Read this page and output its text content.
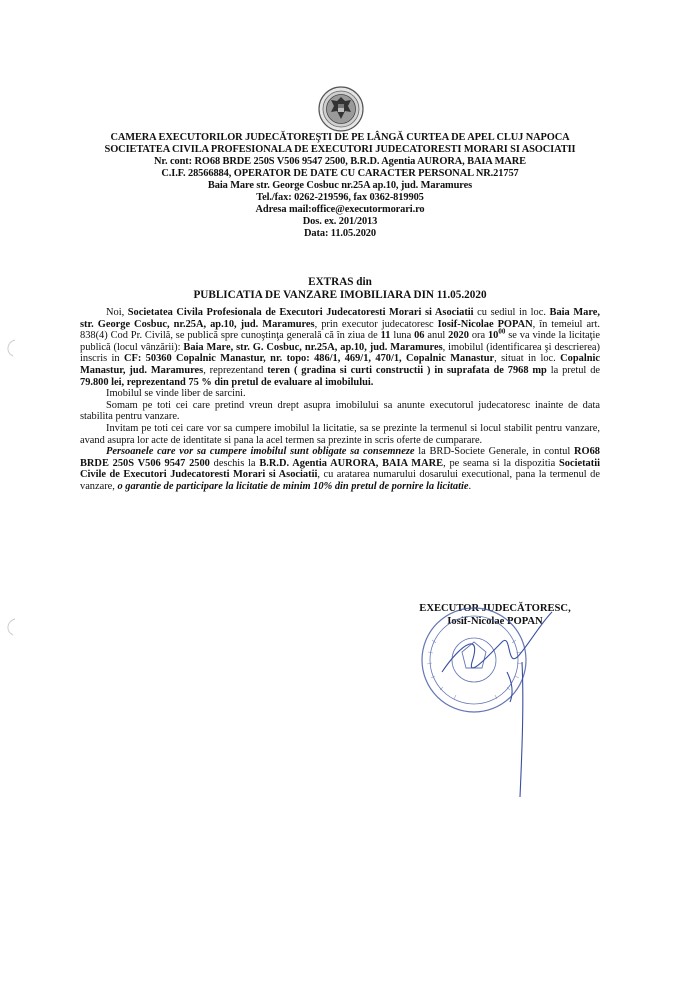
CAMERA EXECUTORILOR JUDECĂTOREŞTI DE PE LÂNGĂ CURTEA DE APEL CLUJ NAPOCA
SOCIETATEA CIVILA PROFESIONALA DE EXECUTORI JUDECATORESTI MORARI SI ASOCIATII
Nr. cont: RO68 BRDE 250S V506 9547 2500, B.R.D. Agentia AURORA, BAIA MARE
C.I.F. 28566884, OPERATOR DE DATE CU CARACTER PERSONAL NR.21757
Baia Mare str. George Cosbuc nr.25A ap.10, jud. Maramures
Tel./fax: 0262-219596, fax 0362-819905
Adresa mail:office@executormorari.ro
Dos. ex. 201/2013
Data: 11.05.2020
EXTRAS din
PUBLICATIA DE VANZARE IMOBILIARA DIN 11.05.2020

Noi, Societatea Civila Profesionala de Executori Judecatoresti Morari si Asociatii cu sediul in loc. Baia Mare, str. George Cosbuc, nr.25A, ap.10, jud. Maramures, prin executor judecatoresc Iosif-Nicolae POPAN, în temeiul art. 838(4) Cod Pr. Civilă, se publică spre cunoştinţa generală că în ziua de 11 luna 06 anul 2020 ora $10^{00}$ se va vinde la licitaţie publică (locul vânzării): Baia Mare, str. G. Cosbuc, nr.25A, ap.10, jud. Maramures, imobilul (identificarea şi descrierea) inscris in CF: 50360 Copalnic Manastur, nr. topo: 486/1, 469/1, 470/1, Copalnic Manastur, situat in loc. Copalnic Manastur, jud. Maramures, reprezentand teren ( gradina si curti constructii ) in suprafata de 7968 mp la pretul de 79.800 lei, reprezentand 75 % din pretul de evaluare al imobilului.

Imobilul se vinde liber de sarcini.

Somam pe toti cei care pretind vreun drept asupra imobilului sa anunte executorul judecatoresc inainte de data stabilita pentru vanzare.

Invitam pe toti cei care vor sa cumpere imobilul la licitatie, sa se prezinte la termenul si locul stabilit pentru vanzare, avand asupra lor acte de identitate si pana la acel termen sa prezinte in scris oferte de cumparare.

Persoanele care vor sa cumpere imobilul sunt obligate sa consemneze la BRD-Societe Generale, in contul RO68 BRDE 250S V506 9547 2500 deschis la B.R.D. Agentia AURORA, BAIA MARE, pe seama si la dispozitia Societatii Civile de Executori Judecatoresti Morari si Asociatii, cu aratarea numarului dosarului executional, pana la termenul de vanzare, o garantie de participare la licitatie de minim 10% din pretul de pornire la licitatie.

EXECUTOR JUDECĂTORESC,
Iosif-Nicolae POPAN
